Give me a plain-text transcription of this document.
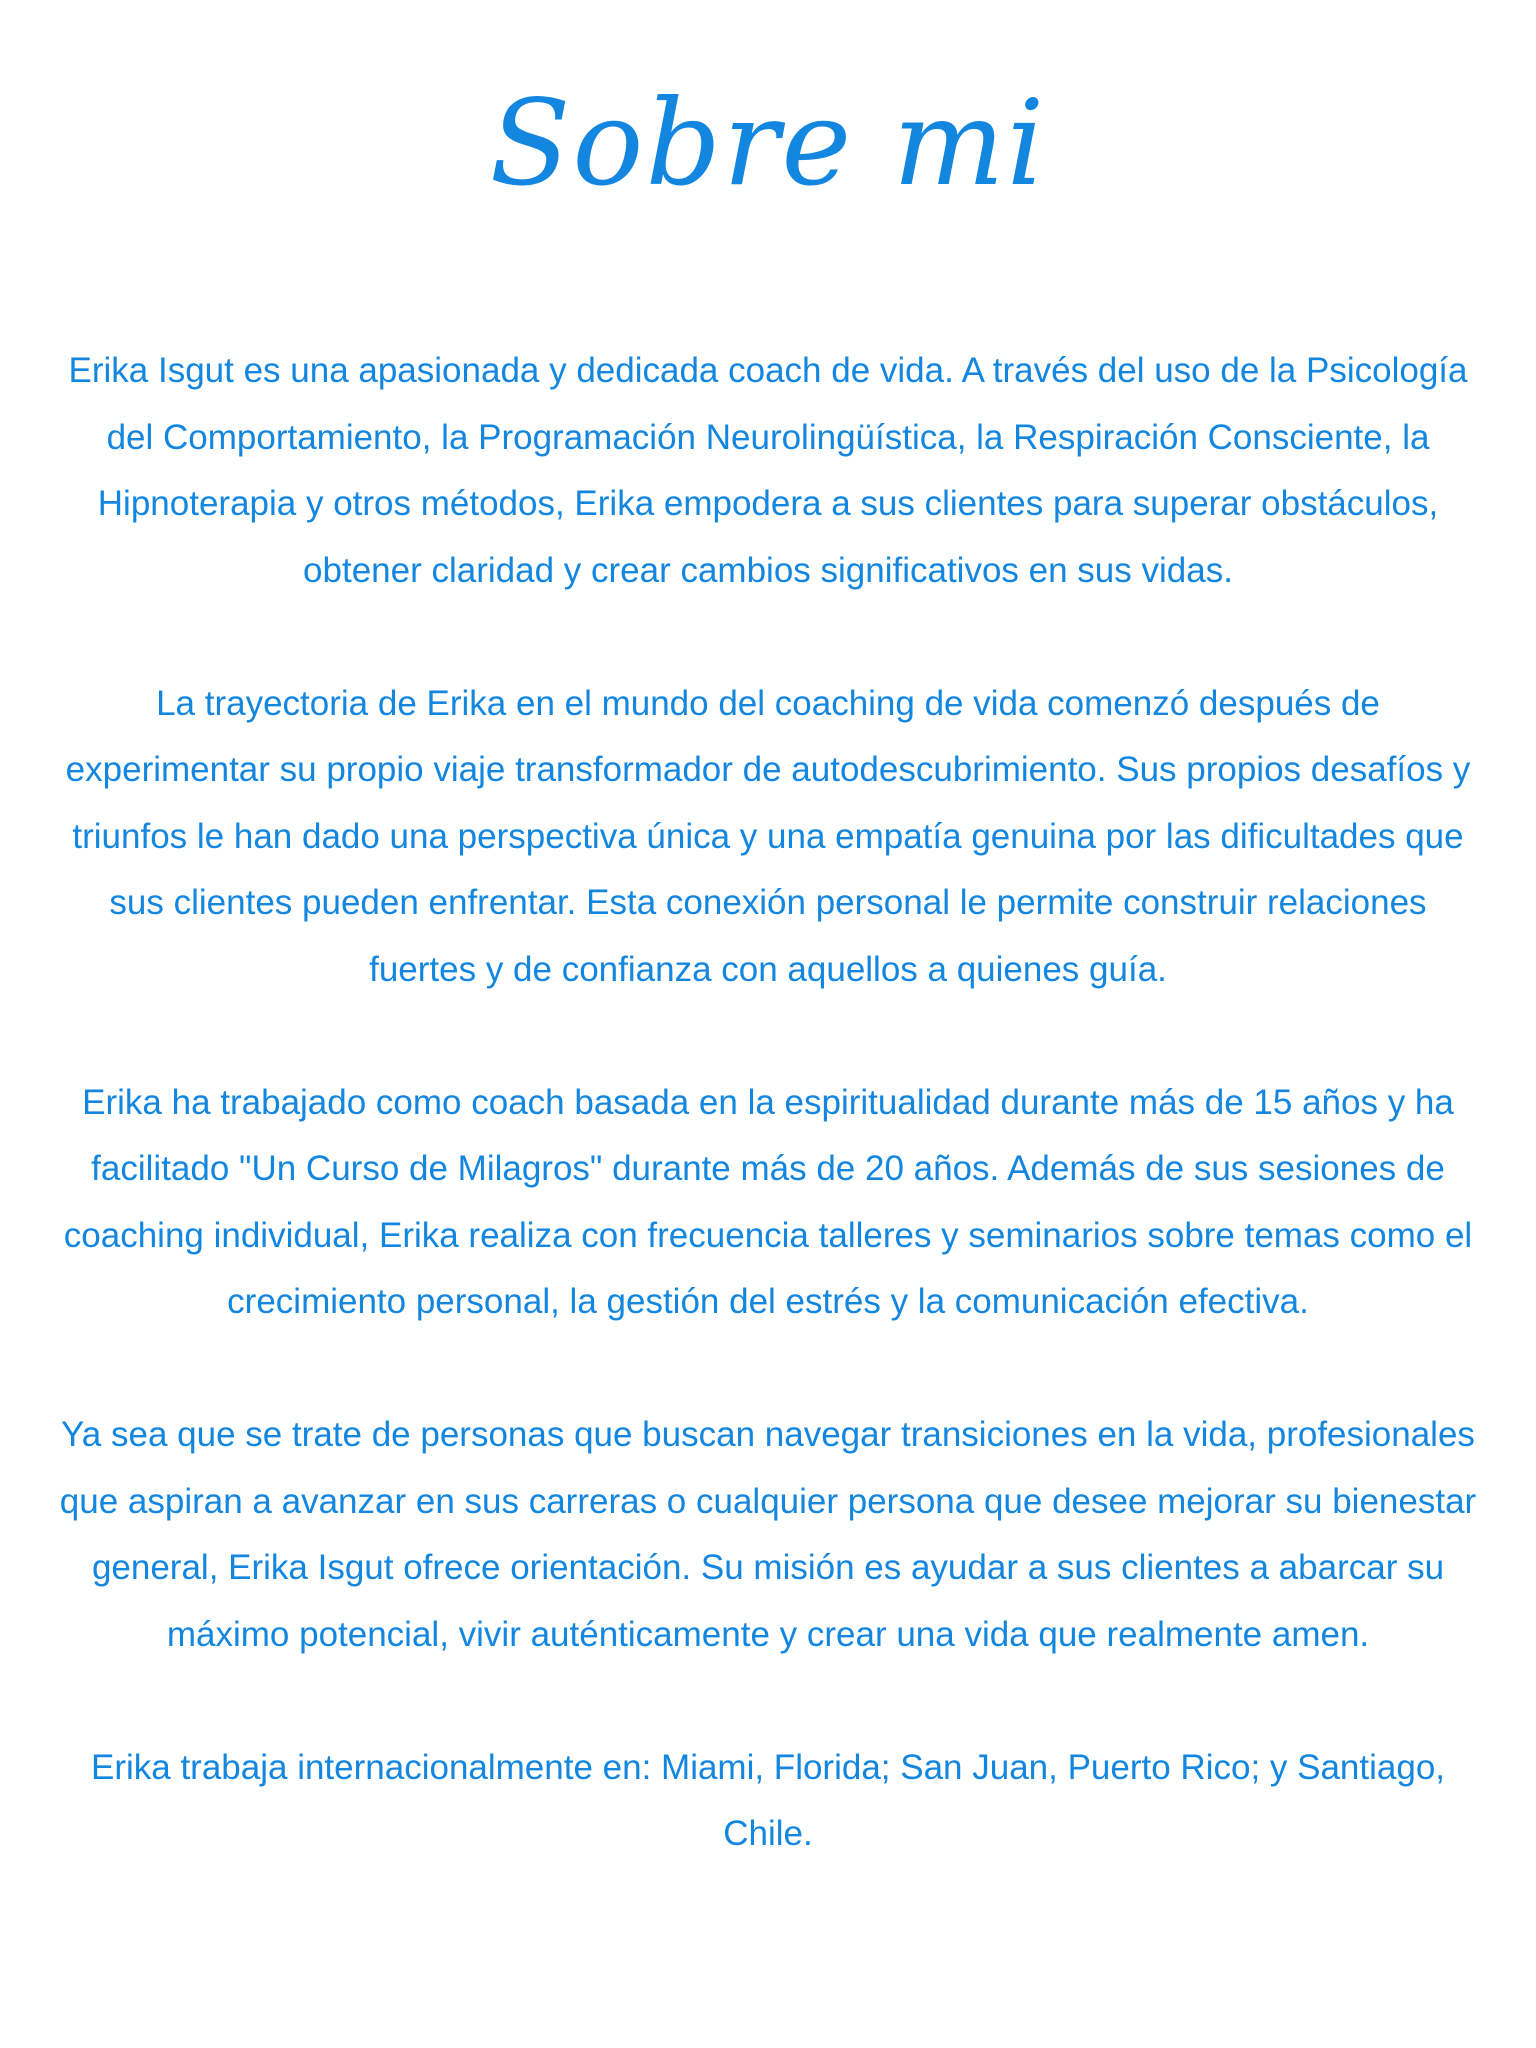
Sobre mi

Erika Isgut es una apasionada y dedicada coach de vida. A través del uso de la Psicología del Comportamiento, la Programación Neurolingüística, la Respiración Consciente, la Hipnoterapia y otros métodos, Erika empodera a sus clientes para superar obstáculos, obtener claridad y crear cambios significativos en sus vidas.

La trayectoria de Erika en el mundo del coaching de vida comenzó después de experimentar su propio viaje transformador de autodescubrimiento. Sus propios desafíos y triunfos le han dado una perspectiva única y una empatía genuina por las dificultades que sus clientes pueden enfrentar. Esta conexión personal le permite construir relaciones fuertes y de confianza con aquellos a quienes guía.

Erika ha trabajado como coach basada en la espiritualidad durante más de 15 años y ha facilitado "Un Curso de Milagros" durante más de 20 años. Además de sus sesiones de coaching individual, Erika realiza con frecuencia talleres y seminarios sobre temas como el crecimiento personal, la gestión del estrés y la comunicación efectiva.

Ya sea que se trate de personas que buscan navegar transiciones en la vida, profesionales que aspiran a avanzar en sus carreras o cualquier persona que desee mejorar su bienestar general, Erika Isgut ofrece orientación. Su misión es ayudar a sus clientes a abarcar su máximo potencial, vivir auténticamente y crear una vida que realmente amen.

Erika trabaja internacionalmente en: Miami, Florida; San Juan, Puerto Rico; y Santiago, Chile.
